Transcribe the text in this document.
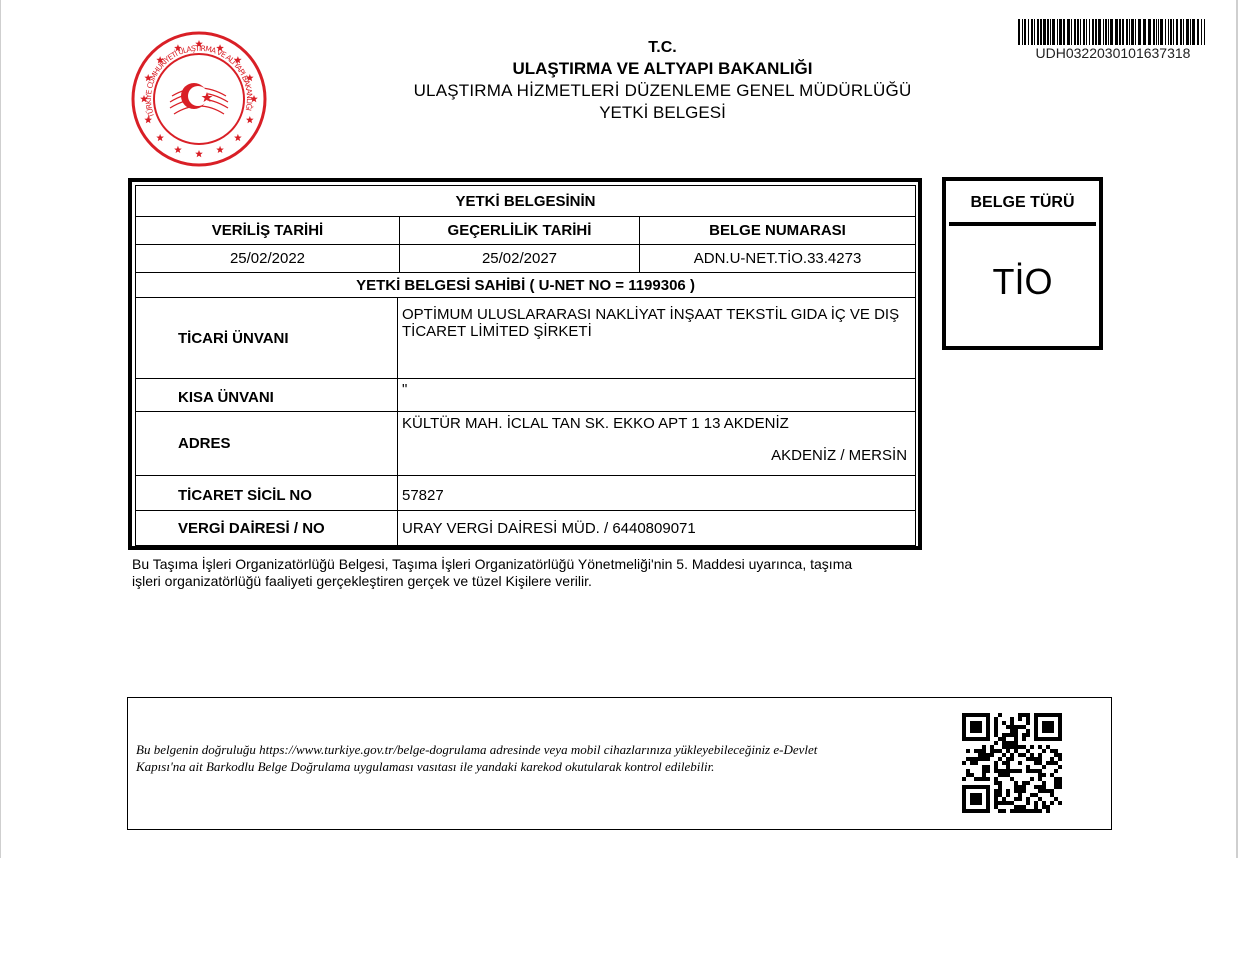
TÜRKİYE CUMHURİYETİ ULAŞTIRMA VE ALTYAPI BAKANLIĞI
T.C.
ULAŞTIRMA VE ALTYAPI BAKANLIĞI
ULAŞTIRMA HİZMETLERİ DÜZENLEME GENEL MÜDÜRLÜĞÜ
YETKİ BELGESİ
UDH0322030101637318
YETKİ BELGESİNİN			
VERİLİŞ TARİHİ		GEÇERLİLİK TARİHİ	BELGE NUMARASI
25/02/2022		25/02/2027	ADN.U-NET.TİO.33.4273
YETKİ BELGESİ SAHİBİ ( U-NET NO = 1199306 )			
TİCARİ ÜNVANI	OPTİMUM ULUSLARARASI NAKLİYAT İNŞAAT TEKSTİL GIDA İÇ VE DIŞ
TİCARET LİMİTED ŞİRKETİ		

KISA ÜNVANI	"		
ADRES	KÜLTÜR MAH. İCLAL TAN SK. EKKO APT 1 13 AKDENİZ
AKDENİZ / MERSİN		

TİCARET SİCİL NO	57827		
VERGİ DAİRESİ / NO	URAY VERGİ DAİRESİ MÜD. / 6440809071		
BELGE TÜRÜ
TİO
Bu Taşıma İşleri Organizatörlüğü Belgesi, Taşıma İşleri Organizatörlüğü Yönetmeliği'nin 5. Maddesi uyarınca, taşıma
işleri organizatörlüğü faaliyeti gerçekleştiren gerçek ve tüzel Kişilere verilir.
Bu belgenin doğruluğu https://www.turkiye.gov.tr/belge-dogrulama adresinde veya mobil cihazlarınıza yükleyebileceğiniz e-Devlet
Kapısı'na ait Barkodlu Belge Doğrulama uygulaması vasıtası ile yandaki karekod okutularak kontrol edilebilir.
